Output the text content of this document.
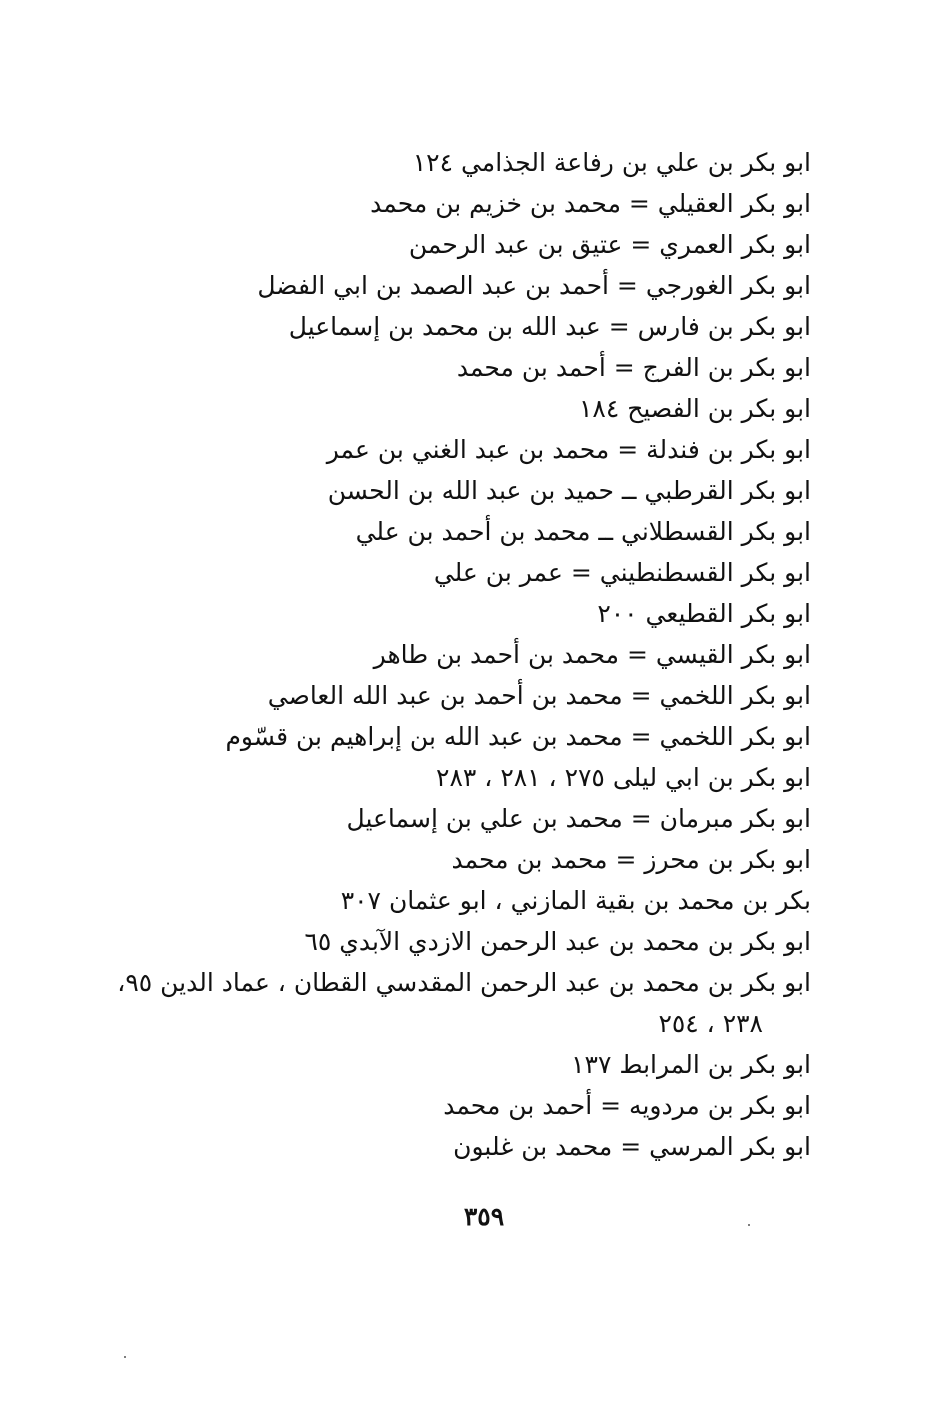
ابو بكر بن علي بن رفاعة الجذامي ١٢٤
ابو بكر العقيلي = محمد بن خزيم بن محمد
ابو بكر العمري = عتيق بن عبد الرحمن
ابو بكر الغورجي = أحمد بن عبد الصمد بن ابي الفضل
ابو بكر بن فارس = عبد الله بن محمد بن إسماعيل
ابو بكر بن الفرج = أحمد بن محمد
ابو بكر بن الفصيح ١٨٤
ابو بكر بن فندلة = محمد بن عبد الغني بن عمر
ابو بكر القرطبي ــ حميد بن عبد الله بن الحسن
ابو بكر القسطلاني ــ محمد بن أحمد بن علي
ابو بكر القسطنطيني = عمر بن علي
ابو بكر القطيعي ٢٠٠
ابو بكر القيسي = محمد بن أحمد بن طاهر
ابو بكر اللخمي = محمد بن أحمد بن عبد الله العاصي
ابو بكر اللخمي = محمد بن عبد الله بن إبراهيم بن قسّوم
ابو بكر بن ابي ليلى ٢٧٥ ، ٢٨١ ، ٢٨٣
ابو بكر مبرمان = محمد بن علي بن إسماعيل
ابو بكر بن محرز = محمد بن محمد
بكر بن محمد بن بقية المازني ، ابو عثمان ٣٠٧
ابو بكر بن محمد بن عبد الرحمن الازدي الآبدي ٦٥
ابو بكر بن محمد بن عبد الرحمن المقدسي القطان ، عماد الدين ٩٥،
٢٣٨ ، ٢٥٤
ابو بكر بن المرابط ١٣٧
ابو بكر بن مردويه = أحمد بن محمد
ابو بكر المرسي = محمد بن غلبون
٣٥٩
